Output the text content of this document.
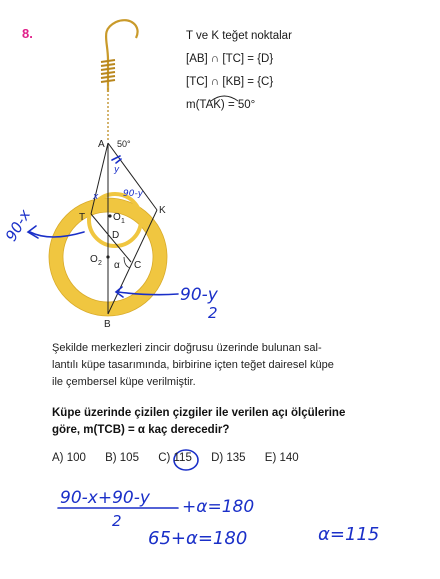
8.	T ve K teğet noktalar
[AB] ∩ [TC] = {D}
[TC] ∩ [KB] = {C}
m(TAK) = 50°
A 50°
T
K
O 1
D
O 2 α C
B
90-x
x	90-y
y
90-y
2
90-x+90-y
2
+α=180
65+α=180	α=115
Şekilde merkezleri zincir doğrusu üzerinde bulunan sal-
lantılı küpe tasarımında, birbirine içten teğet dairesel küpe
ile çembersel küpe verilmiştir.
Küpe üzerinde çizilen çizgiler ile verilen açı ölçülerine
göre, m(TCB) = α kaç derecedir?
A) 100 B) 105 C) 115 D) 135 E) 140
